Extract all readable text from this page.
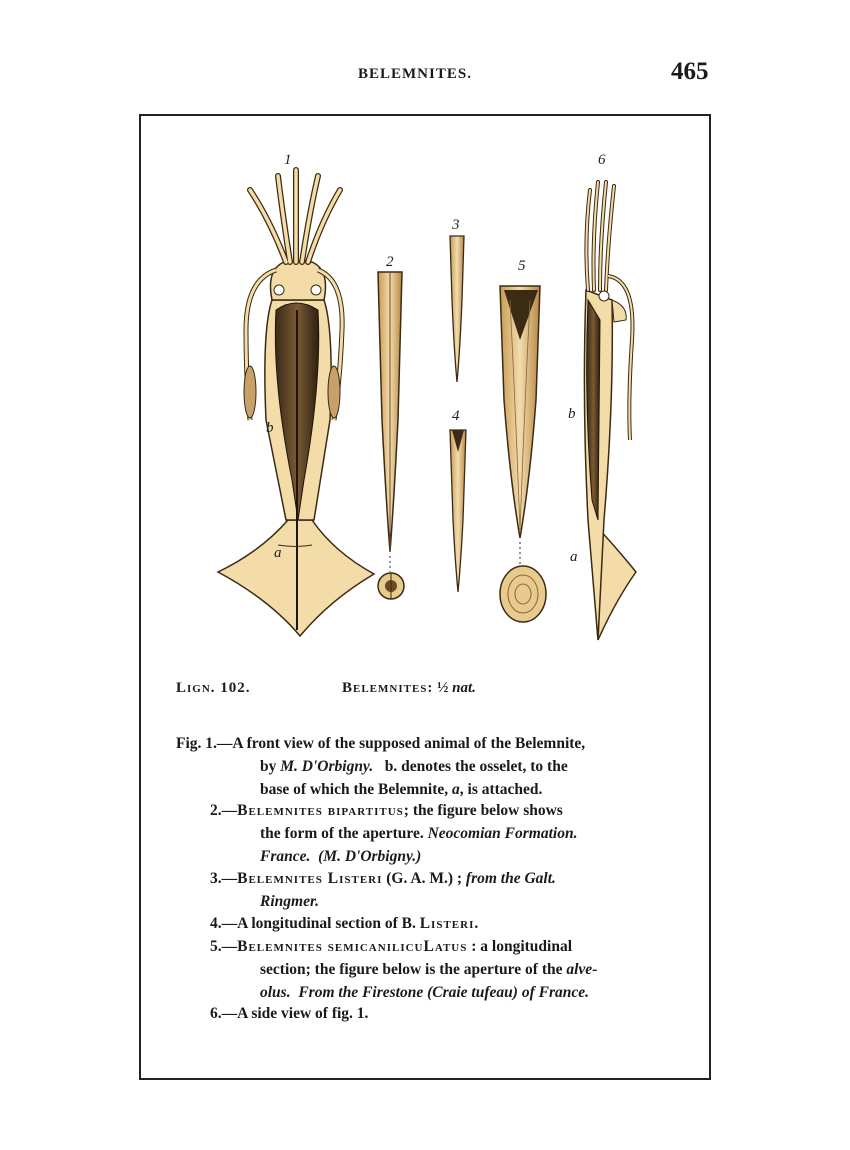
BELEMNITES.	465
1
2
3
4
5
6
b
a
b
a
Lign. 102.	Belemnites: ½ nat.
Fig. 1.—A front view of the supposed animal of the Belemnite,
by M. D'Orbigny.   b. denotes the osselet, to the
base of which the Belemnite, a, is attached.
2.—Belemnites bipartitus; the figure below shows
the form of the aperture. Neocomian Formation.
France.  (M. D'Orbigny.)
3.—Belemnites Listeri (G. A. M.) ; from the Galt.
Ringmer.
4.—A longitudinal section of B. Listeri.
5.—Belemnites semicanilicuLatus : a longitudinal
section; the figure below is the aperture of the alve-
olus.  From the Firestone (Craie tufeau) of France.
6.—A side view of fig. 1.
